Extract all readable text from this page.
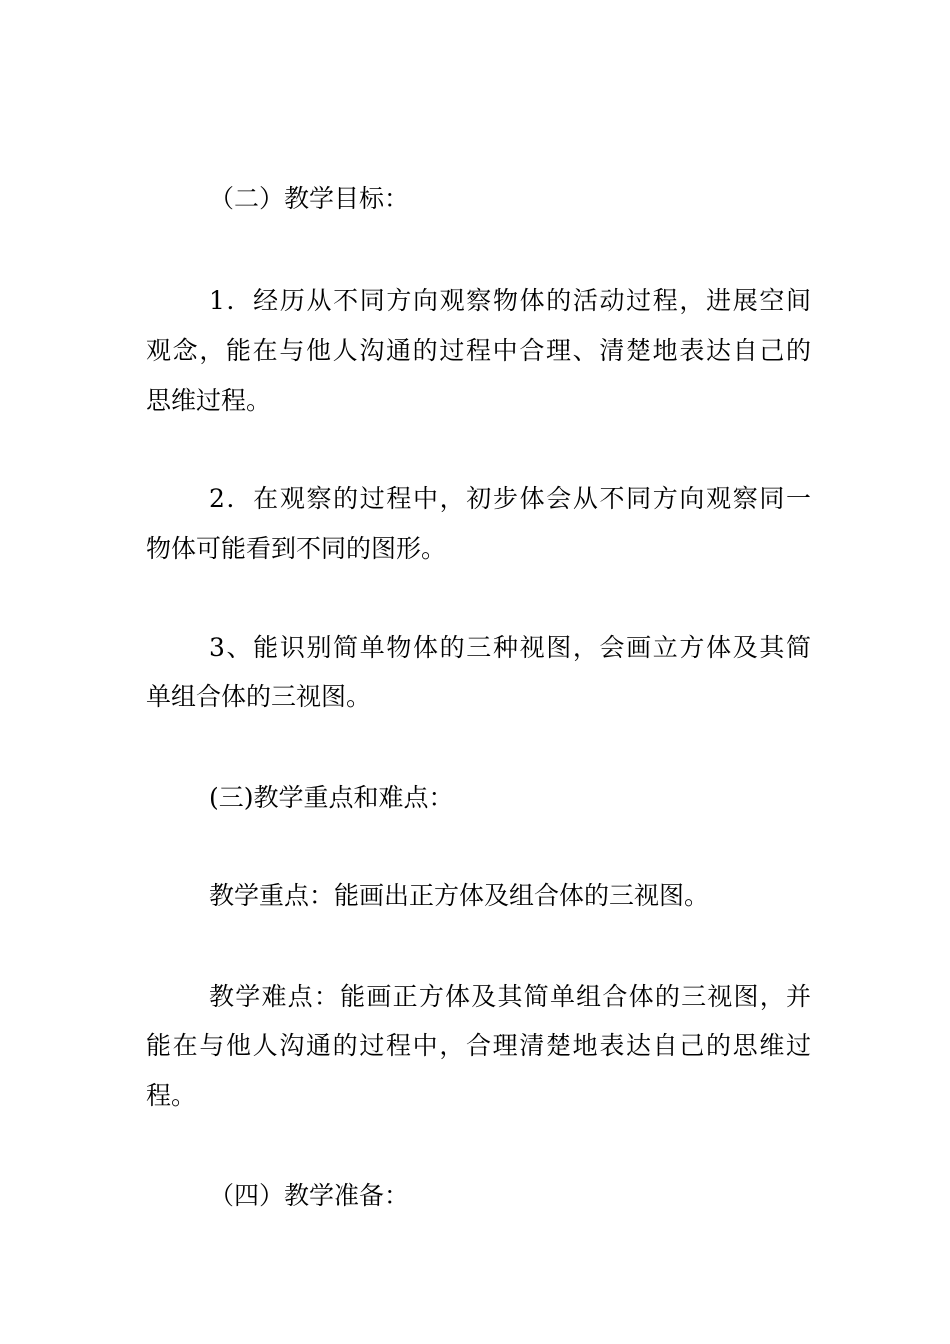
（二）教学目标：
1．经历从不同方向观察物体的活动过程，进展空间
观念，能在与他人沟通的过程中合理、清楚地表达自己的
思维过程。
2．在观察的过程中，初步体会从不同方向观察同一
物体可能看到不同的图形。
3、能识别简单物体的三种视图，会画立方体及其简
单组合体的三视图。
(三)教学重点和难点：
教学重点：能画出正方体及组合体的三视图。
教学难点：能画正方体及其简单组合体的三视图，并
能在与他人沟通的过程中，合理清楚地表达自己的思维过
程。
（四）教学准备：
